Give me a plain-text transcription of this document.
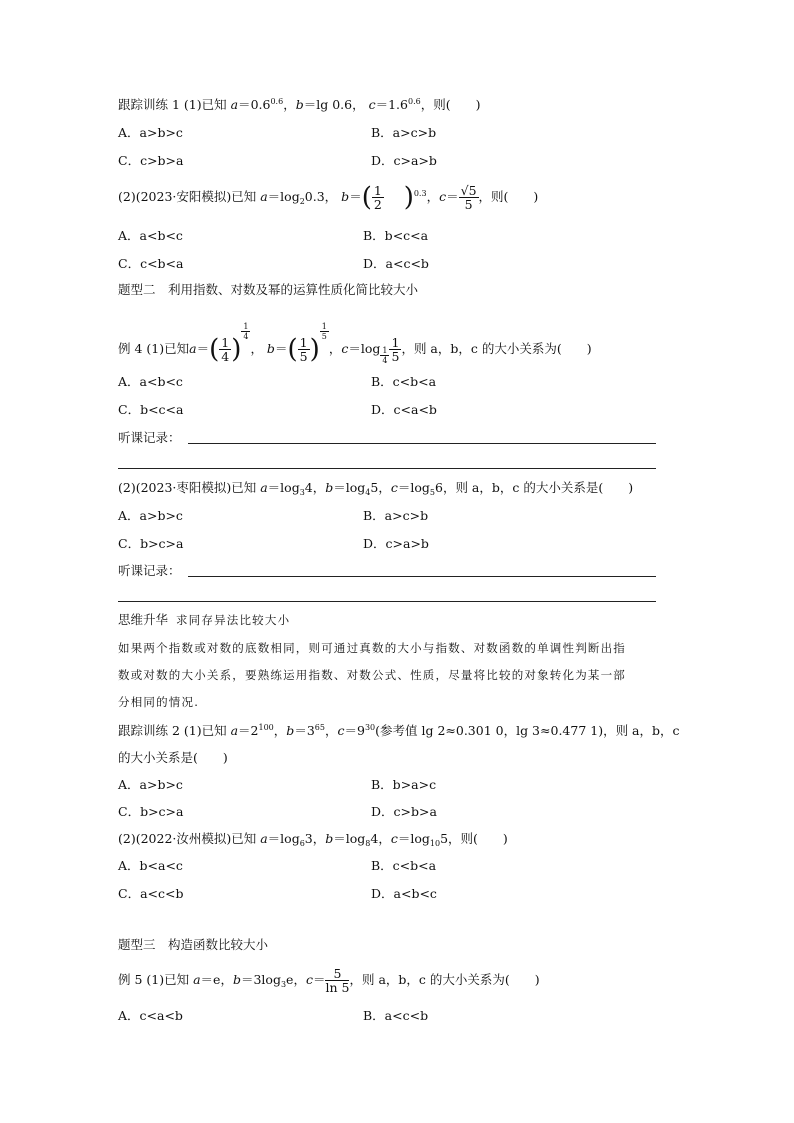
跟踪训练 1 (1)已知 $a=0.6^{0.6}$，b＝lg 0.6， $c=1.6^{0.6}$，则(　　)
A．a>b>c	B．a>c>b
C．c>b>a	D．c>a>b
(2)(2023·安阳模拟)已知 $a=\log_20.3$， $b=( \frac{1}{2} )^{0.3}$，$c= \frac{√5}{5}$ ，则(　　)
A．a<b<c	B．b<c<a
C．c<b<a	D．a<c<b
题型二　利用指数、对数及幂的运算性质化简比较大小
例 4 (1)已知$a=( \frac{1}{4}$ )
$\frac{1}{4}$
， $b=( \frac{1}{5}$ )
$\frac{1}{5}$
，$c=\log \frac{1}{4} \frac{1}{5}$ ，则 a，b，c 的大小关系为(　　)
A．a<b<c	B．c<b<a
C．b<c<a	D．c<a<b
听课记录：
(2)(2023·枣阳模拟)已知 $a=\log_34$，$b=\log_45$，$c=\log_56$，则 a，b，c 的大小关系是(　　)
A．a>b>c	B．a>c>b
C．b>c>a	D．c>a>b
听课记录：
思维升华 求同存异法比较大小
如果两个指数或对数的底数相同，则可通过真数的大小与指数、对数函数的单调性判断出指
数或对数的大小关系，要熟练运用指数、对数公式、性质，尽量将比较的对象转化为某一部
分相同的情况.
跟踪训练 2 (1)已知 $a=2^{100}$，$b=3^{65}$，$c=9^{30}$(参考值 lg 2≈0.301 0，lg 3≈0.477 1)，则 a，b，c
的大小关系是(　　)
A．a>b>c	B．b>a>c
C．b>c>a	D．c>b>a
(2)(2022·汝州模拟)已知 $a=\log_63$，$b=\log_84$，$c=\log_{10}5$，则(　　)
A．b<a<c	B．c<b<a
C．a<c<b	D．a<b<c
题型三　构造函数比较大小
例 5 (1)已知 a＝e，$b=3\log_3e$，$c= \frac{5}{\ln 5}$ ，则 a，b，c 的大小关系为(　　)
A．c<a<b	B．a<c<b
